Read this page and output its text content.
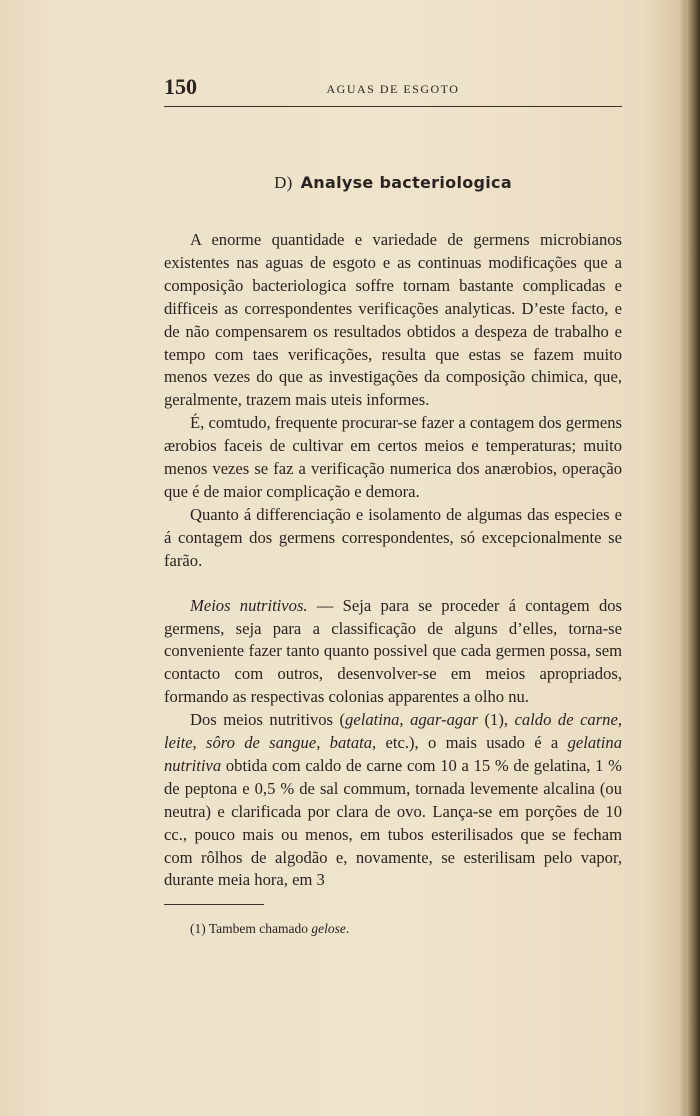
150	AGUAS DE ESGOTO
D) Analyse bacteriologica

A enorme quantidade e variedade de germens microbianos existentes nas aguas de esgoto e as continuas modificações que a composição bacteriologica soffre tornam bastante complicadas e difficeis as correspondentes verificações analyticas. D’este facto, e de não compensarem os resultados obtidos a despeza de trabalho e tempo com taes verificações, resulta que estas se fazem muito menos vezes do que as investigações da composição chimica, que, geralmente, trazem mais uteis informes.

É, comtudo, frequente procurar-se fazer a contagem dos germens ærobios faceis de cultivar em certos meios e temperaturas; muito menos vezes se faz a verificação numerica dos anærobios, operação que é de maior complicação e demora.

Quanto á differenciação e isolamento de algumas das especies e á contagem dos germens correspondentes, só excepcionalmente se farão.

Meios nutritivos. — Seja para se proceder á contagem dos germens, seja para a classificação de alguns d’elles, torna-se conveniente fazer tanto quanto possivel que cada germen possa, sem contacto com outros, desenvolver-se em meios apropriados, formando as respectivas colonias apparentes a olho nu.

Dos meios nutritivos (gelatina, agar-agar (1), caldo de carne, leite, sôro de sangue, batata, etc.), o mais usado é a gelatina nutritiva obtida com caldo de carne com 10 a 15 % de gelatina, 1 % de peptona e 0,5 % de sal commum, tornada levemente alcalina (ou neutra) e clarificada por clara de ovo. Lança-se em porções de 10 cc., pouco mais ou menos, em tubos esterilisados que se fecham com rôlhos de algodão e, novamente, se esterilisam pelo vapor, durante meia hora, em 3

(1) Tambem chamado gelose.
